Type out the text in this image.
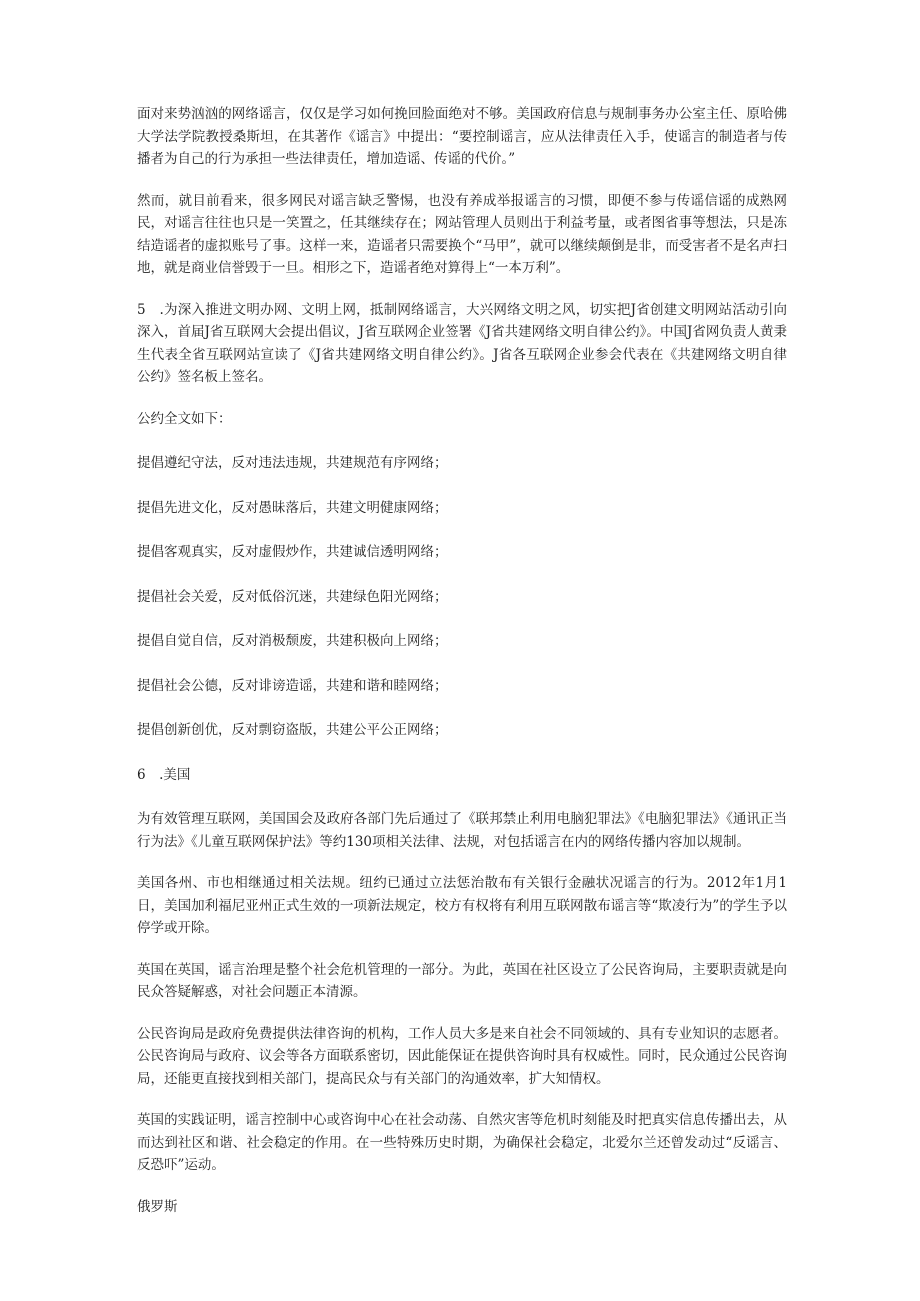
面对来势汹汹的网络谣言，仅仅是学习如何挽回脸面绝对不够。美国政府信息与规制事务办公室主任、原哈佛大学法学院教授桑斯坦，在其著作《谣言》中提出：“要控制谣言，应从法律责任入手，使谣言的制造者与传播者为自己的行为承担一些法律责任，增加造谣、传谣的代价。”

然而，就目前看来，很多网民对谣言缺乏警惕，也没有养成举报谣言的习惯，即便不参与传谣信谣的成熟网民，对谣言往往也只是一笑置之，任其继续存在；网站管理人员则出于利益考量，或者图省事等想法，只是冻结造谣者的虚拟账号了事。这样一来，造谣者只需要换个“马甲”，就可以继续颠倒是非，而受害者不是名声扫地，就是商业信誉毁于一旦。相形之下，造谣者绝对算得上“一本万利”。

5　.为深入推进文明办网、文明上网，抵制网络谣言，大兴网络文明之风，切实把J省创建文明网站活动引向深入，首届J省互联网大会提出倡议，J省互联网企业签署《J省共建网络文明自律公约》。中国J省网负责人黄秉生代表全省互联网站宣读了《J省共建网络文明自律公约》。J省各互联网企业参会代表在《共建网络文明自律公约》签名板上签名。

公约全文如下：

提倡遵纪守法，反对违法违规，共建规范有序网络；

提倡先进文化，反对愚昧落后，共建文明健康网络；

提倡客观真实，反对虚假炒作，共建诚信透明网络；

提倡社会关爱，反对低俗沉迷，共建绿色阳光网络；

提倡自觉自信，反对消极颓废，共建积极向上网络；

提倡社会公德，反对诽谤造谣，共建和谐和睦网络；

提倡创新创优，反对剽窃盗版，共建公平公正网络；

6　.美国

为有效管理互联网，美国国会及政府各部门先后通过了《联邦禁止利用电脑犯罪法》《电脑犯罪法》《通讯正当行为法》《儿童互联网保护法》等约130项相关法律、法规，对包括谣言在内的网络传播内容加以规制。

美国各州、市也相继通过相关法规。纽约已通过立法惩治散布有关银行金融状况谣言的行为。2012年1月1日，美国加利福尼亚州正式生效的一项新法规定，校方有权将有利用互联网散布谣言等“欺凌行为”的学生予以停学或开除。

英国在英国，谣言治理是整个社会危机管理的一部分。为此，英国在社区设立了公民咨询局，主要职责就是向民众答疑解惑，对社会问题正本清源。

公民咨询局是政府免费提供法律咨询的机构，工作人员大多是来自社会不同领域的、具有专业知识的志愿者。公民咨询局与政府、议会等各方面联系密切，因此能保证在提供咨询时具有权威性。同时，民众通过公民咨询局，还能更直接找到相关部门，提高民众与有关部门的沟通效率，扩大知情权。

英国的实践证明，谣言控制中心或咨询中心在社会动荡、自然灾害等危机时刻能及时把真实信息传播出去，从而达到社区和谐、社会稳定的作用。在一些特殊历史时期，为确保社会稳定，北爱尔兰还曾发动过“反谣言、反恐吓”运动。

俄罗斯
